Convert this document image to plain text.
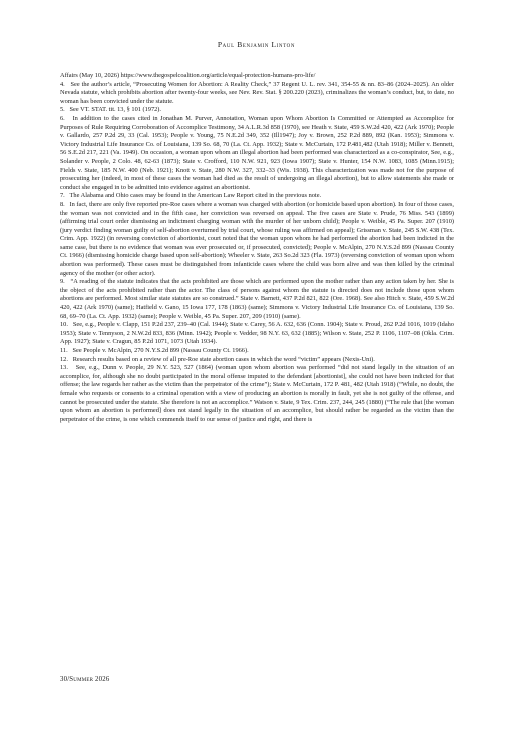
Paul Benjamin Linton

Affairs (May 10, 2026) https://www.thegospelcoalition.org/article/equal-protection-humans-pro-life/

4. See the author’s article, “Prosecuting Women for Abortion: A Reality Check,” 37 Regent U. L. rev. 341, 354-55 & nn. 83–86 (2024–2025). An older Nevada statute, which prohibits abortion after twenty-four weeks, see Nev. Rev. Stat. § 200.220 (2023), criminalizes the woman’s conduct, but, to date, no woman has been convicted under the statute.

5. See VT. STAT. tit. 13, § 101 (1972).

6. In addition to the cases cited in Jonathan M. Purver, Annotation, Woman upon Whom Abortion Is Committed or Attempted as Accomplice for Purposes of Rule Requiring Corroboration of Accomplice Testimony, 34 A.L.R.3d 858 (1970), see Heath v. State, 459 S.W.2d 420, 422 (Ark 1970); People v. Gallardo, 257 P.2d 29, 33 (Cal. 1953); People v. Young, 75 N.E.2d 349, 352 (Ill1947); Joy v. Brown, 252 P.2d 889, 892 (Kan. 1953); Simmons v. Victory Industrial Life Insurance Co. of Louisiana, 139 So. 68, 70 (La. Ct. App. 1932); State v. McCurtain, 172 P.481,482 (Utah 1918); Miller v. Bennett, 56 S.E.2d 217, 221 (Va. 1949). On occasion, a woman upon whom an illegal abortion had been performed was characterized as a co-conspirator, See, e.g., Solander v. People, 2 Colo. 48, 62-63 (1873); State v. Crofford, 110 N.W. 921, 923 (Iowa 1907); State v. Hunter, 154 N.W. 1083, 1085 (Minn.1915); Fields v. State, 185 N.W. 400 (Neb. 1921); Knott v. State, 280 N.W. 327, 332–33 (Wis. 1938). This characterization was made not for the purpose of prosecuting her (indeed, in most of these cases the woman had died as the result of undergoing an illegal abortion), but to allow statements she made or conduct she engaged in to be admitted into evidence against an abortionist.

7. The Alabama and Ohio cases may be found in the American Law Report cited in the previous note.

8. In fact, there are only five reported pre-Roe cases where a woman was charged with abortion (or homicide based upon abortion). In four of those cases, the woman was not convicted and in the fifth case, her conviction was reversed on appeal. The five cases are State v. Prude, 76 Miss. 543 (1899) (affirming trial court order dismissing an indictment charging woman with the murder of her unborn child); People v. Weible, 45 Pa. Super. 207 (1910) (jury verdict finding woman guilty of self-abortion overturned by trial court, whose ruling was affirmed on appeal); Grissman v. State, 245 S.W. 438 (Tex. Crim. App. 1922) (in reversing conviction of abortionist, court noted that the woman upon whom he had performed the abortion had been indicted in the same case, but there is no evidence that woman was ever prosecuted or, if prosecuted, convicted); People v. McAlpin, 270 N.Y.S.2d 899 (Nassau County Ct. 1966) (dismissing homicide charge based upon self-abortion); Wheeler v. State, 263 So.2d 323 (Fla. 1973) (reversing conviction of woman upon whom abortion was performed). These cases must be distinguished from infanticide cases where the child was born alive and was then killed by the criminal agency of the mother (or other actor).

9. “A reading of the statute indicates that the acts prohibited are those which are performed upon the mother rather than any action taken by her. She is the object of the acts prohibited rather than the actor. The class of persons against whom the statute is directed does not include those upon whom abortions are performed. Most similar state statutes are so construed.” State v. Barnett, 437 P.2d 821, 822 (Ore. 1968). See also Hitch v. State, 459 S.W.2d 420, 422 (Ark 1970) (same); Hatfield v. Gano, 15 Iowa 177, 178 (1863) (same); Simmons v. Victory Industrial Life Insurance Co. of Louisiana, 139 So. 68, 69–70 (La. Ct. App. 1932) (same); People v. Weible, 45 Pa. Super. 207, 209 (1910) (same).

10. See, e.g., People v. Clapp, 151 P.2d 237, 239–40 (Cal. 1944); State v. Carey, 56 A. 632, 636 (Conn. 1904); State v. Proud, 262 P.2d 1016, 1019 (Idaho 1953); State v. Tennyson, 2 N.W.2d 833, 836 (Minn. 1942); People v. Vedder, 98 N.Y. 63, 632 (1885); Wilson v. State, 252 P. 1106, 1107–08 (Okla. Crim. App. 1927); State v. Cragun, 85 P.2d 1071, 1073 (Utah 1934).

11. See People v. McAlpin, 270 N.Y.S.2d 899 (Nassau County Ct. 1966).

12. Research results based on a review of all pre-Roe state abortion cases in which the word “victim” appears (Nexis-Uni).

13. See, e.g., Dunn v. People, 29 N.Y. 523, 527 (1864) (woman upon whom abortion was performed “did not stand legally in the situation of an accomplice, for, although she no doubt participated in the moral offense imputed to the defendant [abortionist], she could not have been indicted for that offense; the law regards her rather as the victim than the perpetrator of the crime”); State v. McCurtain, 172 P. 481, 482 (Utah 1918) (“While, no doubt, the female who requests or consents to a criminal operation with a view of producing an abortion is morally in fault, yet she is not guilty of the offense, and cannot be prosecuted under the statute. She therefore is not an accomplice.” Watson v. State, 9 Tex. Crim. 237, 244, 245 (1880) (“The rule that [the woman upon whom an abortion is performed] does not stand legally in the situation of an accomplice, but should rather be regarded as the victim than the perpetrator of the crime, is one which commends itself to our sense of justice and right, and there is

30/Summer 2026
